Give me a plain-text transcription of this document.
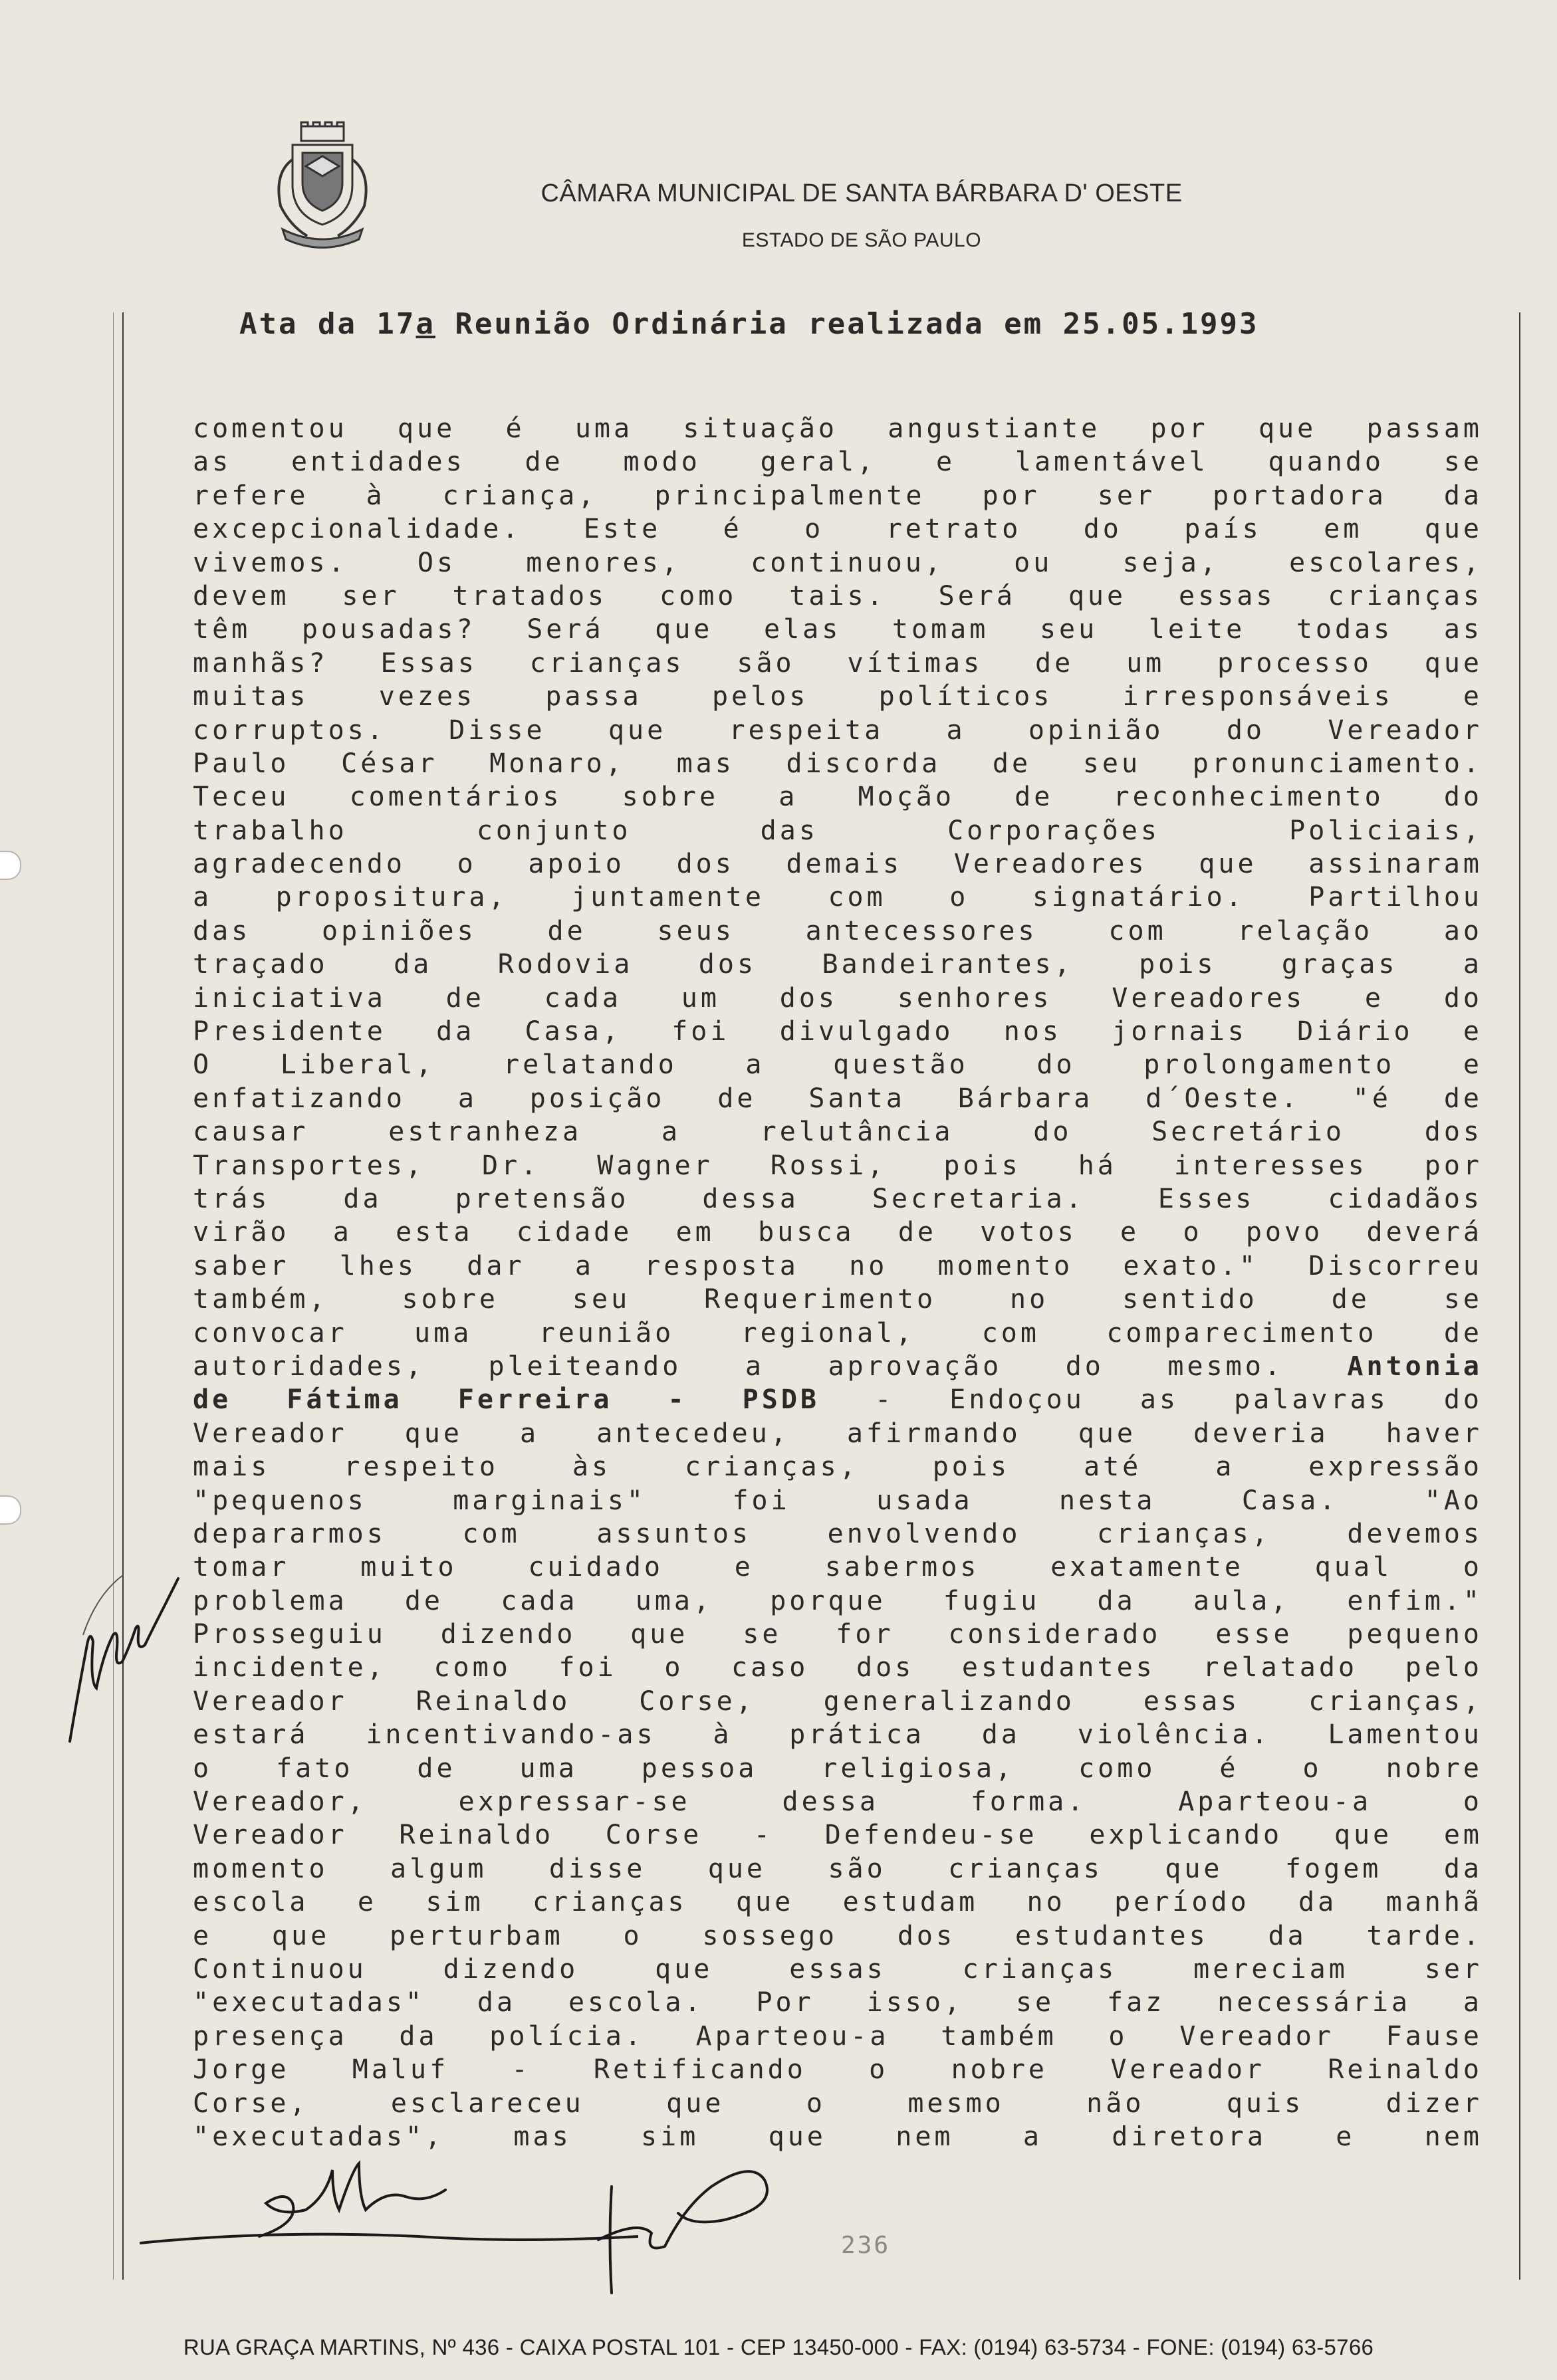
CÂMARA MUNICIPAL DE SANTA BÁRBARA D' OESTE
ESTADO DE SÃO PAULO
Ata da 17a Reunião Ordinária realizada em 25.05.1993
comentou que é uma situação angustiante por que passam
as entidades de modo geral, e lamentável quando se
refere à criança, principalmente por ser portadora da
excepcionalidade. Este é o retrato do país em que
vivemos. Os menores, continuou, ou seja, escolares,
devem ser tratados como tais. Será que essas crianças
têm pousadas? Será que elas tomam seu leite todas as
manhãs? Essas crianças são vítimas de um processo que
muitas vezes passa pelos políticos irresponsáveis e
corruptos. Disse que respeita a opinião do Vereador
Paulo César Monaro, mas discorda de seu pronunciamento.
Teceu comentários sobre a Moção de reconhecimento do
trabalho conjunto das Corporações Policiais,
agradecendo o apoio dos demais Vereadores que assinaram
a propositura, juntamente com o signatário. Partilhou
das opiniões de seus antecessores com relação ao
traçado da Rodovia dos Bandeirantes, pois graças a
iniciativa de cada um dos senhores Vereadores e do
Presidente da Casa, foi divulgado nos jornais Diário e
O Liberal, relatando a questão do prolongamento e
enfatizando a posição de Santa Bárbara d´Oeste. "é de
causar estranheza a relutância do Secretário dos
Transportes, Dr. Wagner Rossi, pois há interesses por
trás da pretensão dessa Secretaria. Esses cidadãos
virão a esta cidade em busca de votos e o povo deverá
saber lhes dar a resposta no momento exato." Discorreu
também, sobre seu Requerimento no sentido de se
convocar uma reunião regional, com comparecimento de
autoridades, pleiteando a aprovação do mesmo. Antonia
de Fátima Ferreira - PSDB - Endoçou as palavras do
Vereador que a antecedeu, afirmando que deveria haver
mais respeito às crianças, pois até a expressão
"pequenos marginais" foi usada nesta Casa. "Ao
depararmos com assuntos envolvendo crianças, devemos
tomar muito cuidado e sabermos exatamente qual o
problema de cada uma, porque fugiu da aula, enfim."
Prosseguiu dizendo que se for considerado esse pequeno
incidente, como foi o caso dos estudantes relatado pelo
Vereador Reinaldo Corse, generalizando essas crianças,
estará incentivando-as à prática da violência. Lamentou
o fato de uma pessoa religiosa, como é o nobre
Vereador, expressar-se dessa forma. Aparteou-a o
Vereador Reinaldo Corse - Defendeu-se explicando que em
momento algum disse que são crianças que fogem da
escola e sim crianças que estudam no período da manhã
e que perturbam o sossego dos estudantes da tarde.
Continuou dizendo que essas crianças mereciam ser
"executadas" da escola. Por isso, se faz necessária a
presença da polícia. Aparteou-a também o Vereador Fause
Jorge Maluf - Retificando o nobre Vereador Reinaldo
Corse, esclareceu que o mesmo não quis dizer
"executadas", mas sim que nem a diretora e nem
236
RUA GRAÇA MARTINS, Nº 436 - CAIXA POSTAL 101 - CEP 13450-000 - FAX: (0194) 63-5734 - FONE: (0194) 63-5766
